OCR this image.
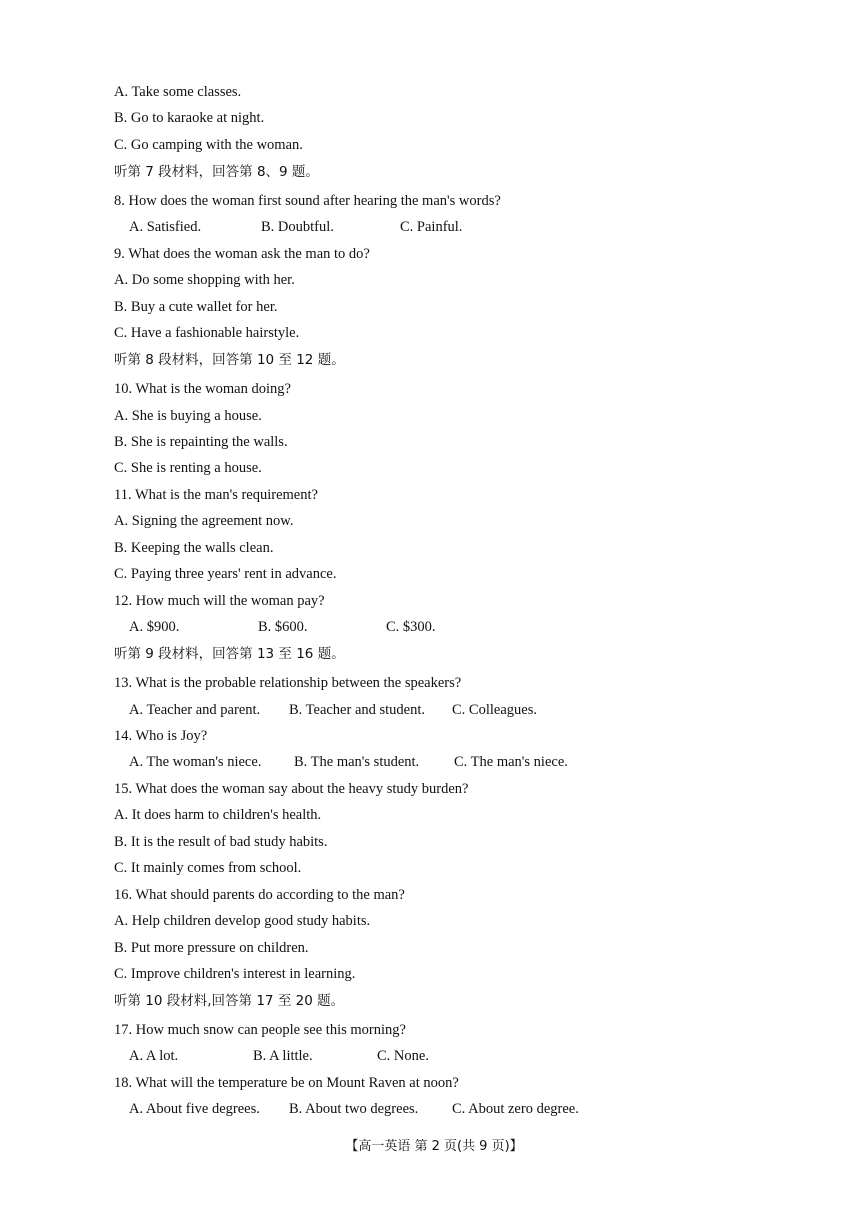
A. Take some classes.
B. Go to karaoke at night.
C. Go camping with the woman.
听第 7 段材料，回答第 8、9 题。
8. How does the woman first sound after hearing the man's words?
A. Satisfied.	B. Doubtful.	C. Painful.
9. What does the woman ask the man to do?
A. Do some shopping with her.
B. Buy a cute wallet for her.
C. Have a fashionable hairstyle.
听第 8 段材料，回答第 10 至 12 题。
10. What is the woman doing?
A. She is buying a house.
B. She is repainting the walls.
C. She is renting a house.
11. What is the man's requirement?
A. Signing the agreement now.
B. Keeping the walls clean.
C. Paying three years' rent in advance.
12. How much will the woman pay?
A. $900.	B. $600.	C. $300.
听第 9 段材料，回答第 13 至 16 题。
13. What is the probable relationship between the speakers?
A. Teacher and parent. B. Teacher and student. C. Colleagues.
14. Who is Joy?
A. The woman's niece. B. The man's student. C. The man's niece.
15. What does the woman say about the heavy study burden?
A. It does harm to children's health.
B. It is the result of bad study habits.
C. It mainly comes from school.
16. What should parents do according to the man?
A. Help children develop good study habits.
B. Put more pressure on children.
C. Improve children's interest in learning.
听第 10 段材料,回答第 17 至 20 题。
17. How much snow can people see this morning?
A. A lot.	B. A little.	C. None.
18. What will the temperature be on Mount Raven at noon?
A. About five degrees. B. About two degrees. C. About zero degree.
【高一英语 第 2 页(共 9 页)】
